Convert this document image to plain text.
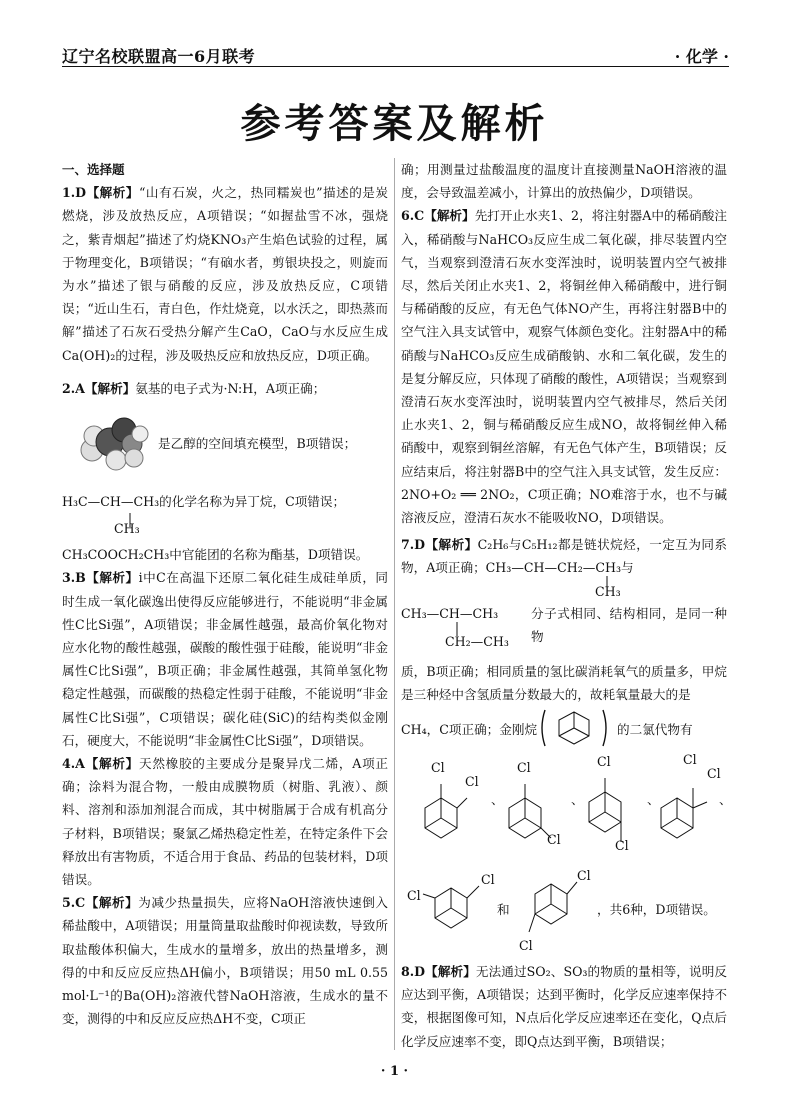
辽宁名校联盟高一6月联考	· 化学 ·
参考答案及解析

一、选择题

1.D【解析】“山有石炭，火之，热同糯炭也”描述的是炭燃烧，涉及放热反应，A项错误；“如握盐雪不冰，强烧之，紫青烟起”描述了灼烧KNO₃产生焰色试验的过程，属于物理变化，B项错误；“有硇水者，剪银块投之，则旋而为水”描述了银与硝酸的反应，涉及放热反应，C项错误；“近山生石，青白色，作灶烧竟，以水沃之，即热蒸而解”描述了石灰石受热分解产生CaO，CaO与水反应生成Ca(OH)₂的过程，涉及吸热反应和放热反应，D项正确。

2.A【解析】氨基的电子式为·N:H，A项正确；

是乙醇的空间填充模型，B项错误；

H₃C—CH—CH₃的化学名称为异丁烷，C项错误；

CH₃

CH₃COOCH₂CH₃中官能团的名称为酯基，D项错误。

3.B【解析】i中C在高温下还原二氧化硅生成硅单质，同时生成一氧化碳逸出使得反应能够进行，不能说明“非金属性C比Si强”，A项错误；非金属性越强，最高价氧化物对应水化物的酸性越强，碳酸的酸性强于硅酸，能说明“非金属性C比Si强”，B项正确；非金属性越强，其简单氢化物稳定性越强，而碳酸的热稳定性弱于硅酸，不能说明“非金属性C比Si强”，C项错误；碳化硅(SiC)的结构类似金刚石，硬度大，不能说明“非金属性C比Si强”，D项错误。

4.A【解析】天然橡胶的主要成分是聚异戊二烯，A项正确；涂料为混合物，一般由成膜物质（树脂、乳液）、颜料、溶剂和添加剂混合而成，其中树脂属于合成有机高分子材料，B项错误；聚氯乙烯热稳定性差，在特定条件下会释放出有害物质，不适合用于食品、药品的包装材料，D项错误。

5.C【解析】为减少热量损失，应将NaOH溶液快速倒入稀盐酸中，A项错误；用量筒量取盐酸时仰视读数，导致所取盐酸体积偏大，生成水的量增多，放出的热量增多，测得的中和反应反应热ΔH偏小，B项错误；用50 mL 0.55 mol·L⁻¹的Ba(OH)₂溶液代替NaOH溶液，生成水的量不变，测得的中和反应反应热ΔH不变，C项正

确；用测量过盐酸温度的温度计直接测量NaOH溶液的温度，会导致温差减小，计算出的放热偏少，D项错误。

6.C【解析】先打开止水夹1、2，将注射器A中的稀硝酸注入，稀硝酸与NaHCO₃反应生成二氧化碳，排尽装置内空气，当观察到澄清石灰水变浑浊时，说明装置内空气被排尽，然后关闭止水夹1、2，将铜丝伸入稀硝酸中，进行铜与稀硝酸的反应，有无色气体NO产生，再将注射器B中的空气注入具支试管中，观察气体颜色变化。注射器A中的稀硝酸与NaHCO₃反应生成硝酸钠、水和二氧化碳，发生的是复分解反应，只体现了硝酸的酸性，A项错误；当观察到澄清石灰水变浑浊时，说明装置内空气被排尽，然后关闭止水夹1、2，铜与稀硝酸反应生成NO，故将铜丝伸入稀硝酸中，观察到铜丝溶解，有无色气体产生，B项错误；反应结束后，将注射器B中的空气注入具支试管，发生反应：2NO+O₂ ══ 2NO₂，C项正确；NO难溶于水，也不与碱溶液反应，澄清石灰水不能吸收NO，D项错误。

7.D【解析】C₂H₆与C₅H₁₂都是链状烷烃，一定互为同系物，A项正确；CH₃—CH—CH₂—CH₃与

CH₃
CH₃—CH—CH₃
CH₂—CH₃
分子式相同、结构相同，是同一种物

质，B项正确；相同质量的氢比碳消耗氧气的质量多，甲烷是三种烃中含氢质量分数最大的，故耗氧量最大的是

CH₄，C项正确；金刚烷	的二氯代物有
Cl
Cl
Cl
Cl
Cl
Cl
Cl
Cl
、	、	、	、
Cl
Cl	Cl
Cl
和	，共6种，D项错误。

8.D【解析】无法通过SO₂、SO₃的物质的量相等，说明反应达到平衡，A项错误；达到平衡时，化学反应速率保持不变，根据图像可知，N点后化学反应速率还在变化，Q点后化学反应速率不变，即Q点达到平衡，B项错误；

· 1 ·
